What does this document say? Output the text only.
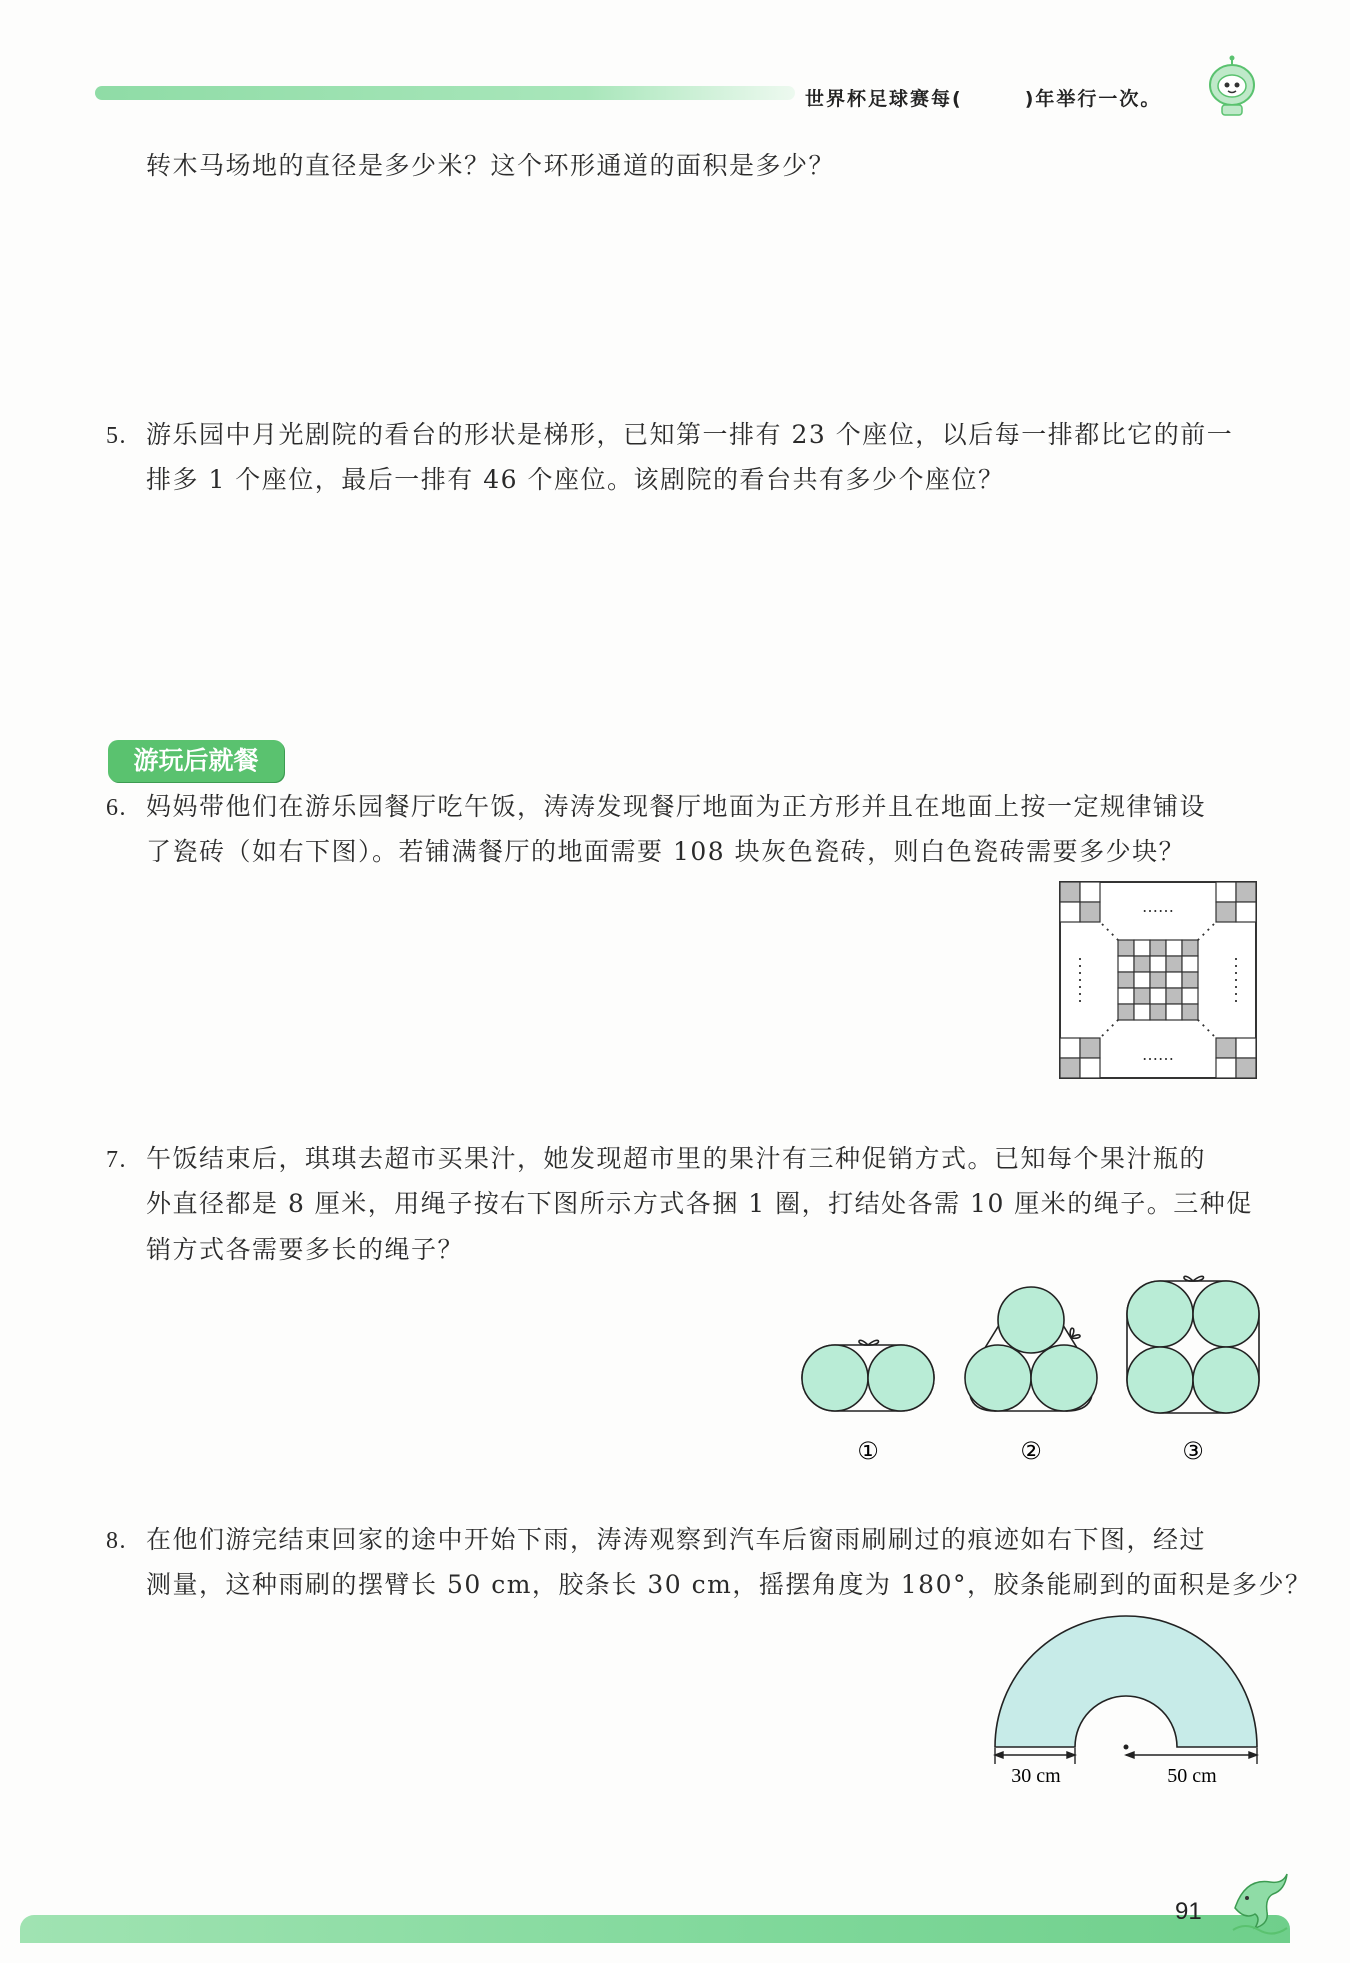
世界杯足球赛每(	)年举行一次。
转木马场地的直径是多少米？这个环形通道的面积是多少？
5. 游乐园中月光剧院的看台的形状是梯形，已知第一排有 23 个座位，以后每一排都比它的前一
排多 1 个座位，最后一排有 46 个座位。该剧院的看台共有多少个座位？
游玩后就餐
6. 妈妈带他们在游乐园餐厅吃午饭，涛涛发现餐厅地面为正方形并且在地面上按一定规律铺设
了瓷砖（如右下图）。若铺满餐厅的地面需要 108 块灰色瓷砖，则白色瓷砖需要多少块？
……
……
7. 午饭结束后，琪琪去超市买果汁，她发现超市里的果汁有三种促销方式。已知每个果汁瓶的
外直径都是 8 厘米，用绳子按右下图所示方式各捆 1 圈，打结处各需 10 厘米的绳子。三种促
销方式各需要多长的绳子？
①	②	③
8. 在他们游完结束回家的途中开始下雨，涛涛观察到汽车后窗雨刷刷过的痕迹如右下图，经过
测量，这种雨刷的摆臂长 50 cm，胶条长 30 cm，摇摆角度为 180°，胶条能刷到的面积是多少？
30 cm	50 cm
91
